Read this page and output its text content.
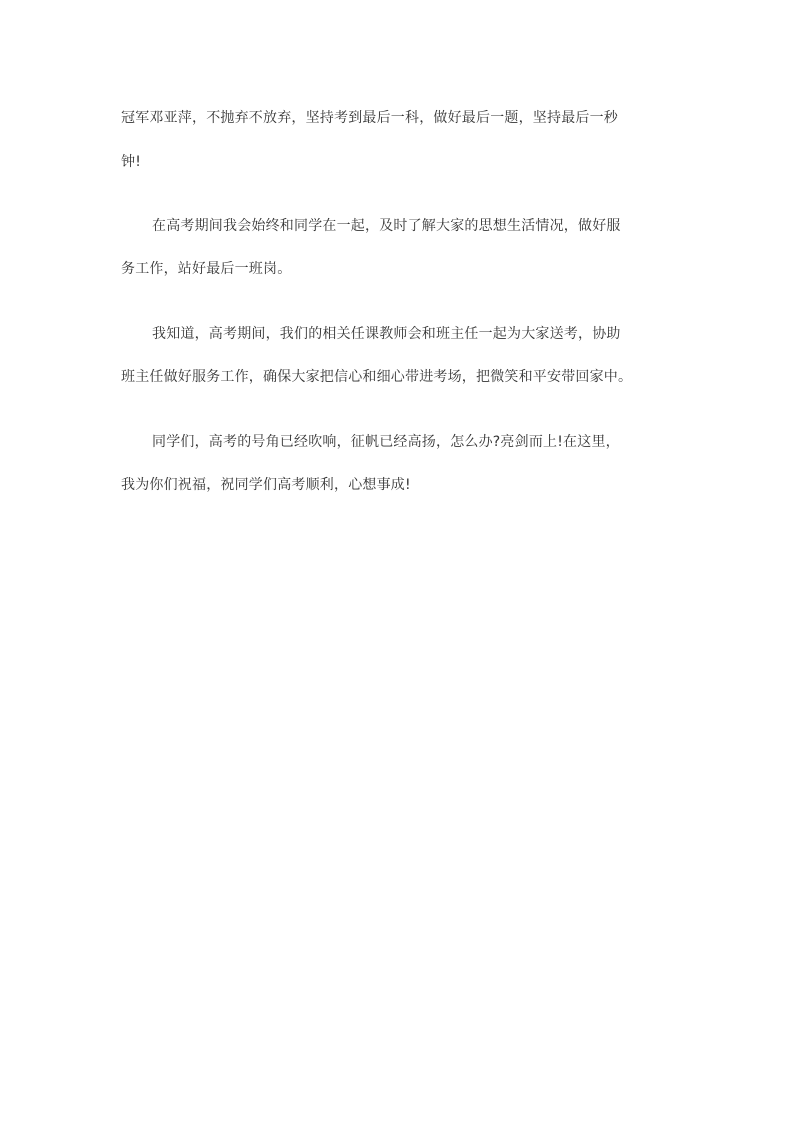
冠军邓亚萍，不抛弃不放弃，坚持考到最后一科，做好最后一题，坚持最后一秒
钟!
在高考期间我会始终和同学在一起，及时了解大家的思想生活情况，做好服
务工作，站好最后一班岗。
我知道，高考期间，我们的相关任课教师会和班主任一起为大家送考，协助
班主任做好服务工作，确保大家把信心和细心带进考场，把微笑和平安带回家中。
同学们，高考的号角已经吹响，征帆已经高扬，怎么办?亮剑而上!在这里，
我为你们祝福，祝同学们高考顺利，心想事成!
